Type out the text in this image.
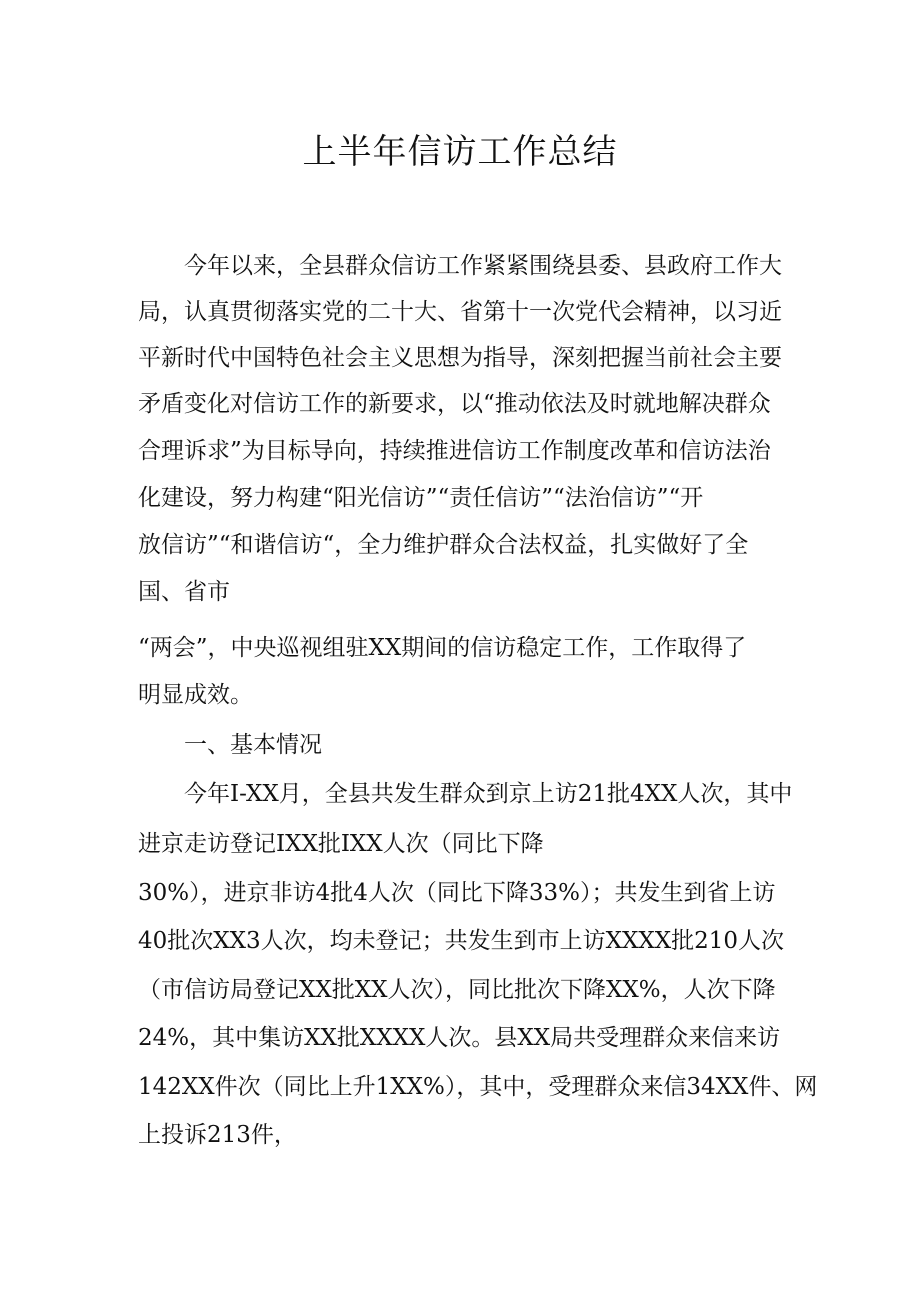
上半年信访工作总结
今年以来，全县群众信访工作紧紧围绕县委、县政府工作大
局，认真贯彻落实党的二十大、省第十一次党代会精神，以习近
平新时代中国特色社会主义思想为指导，深刻把握当前社会主要
矛盾变化对信访工作的新要求，以“推动依法及时就地解决群众
合理诉求”为目标导向，持续推进信访工作制度改革和信访法治
化建设，努力构建“阳光信访”“责任信访”“法治信访”“开
放信访”“和谐信访“，全力维护群众合法权益，扎实做好了全
国、省市
“两会”，中央巡视组驻XX期间的信访稳定工作，工作取得了
明显成效。
一、基本情况
今年I-XX月，全县共发生群众到京上访21批4XX人次，其中
进京走访登记IXX批IXX人次（同比下降
30%），进京非访4批4人次（同比下降33%）；共发生到省上访
40批次XX3人次，均未登记；共发生到市上访XXXX批210人次
（市信访局登记XX批XX人次），同比批次下降XX%，人次下降
24%，其中集访XX批XXXX人次。县XX局共受理群众来信来访
142XX件次（同比上升1XX%），其中，受理群众来信34XX件、网
上投诉213件，
